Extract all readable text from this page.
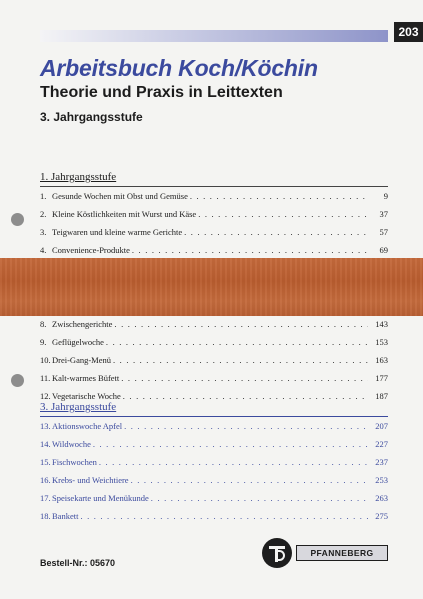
203
Arbeitsbuch Koch/Köchin
Theorie und Praxis in Leittexten
3. Jahrgangsstufe
1. Jahrgangsstufe
1. Gesunde Wochen mit Obst und Gemüse . . .	9
2. Kleine Köstlichkeiten mit Wurst und Käse . . .	37
3. Teigwaren und kleine warme Gerichte . . .	57
4. Convenience-Produkte . . .	69
. . .
8. Zwischengerichte . . .	143
9. Geflügelwoche . . .	153
10. Drei-Gang-Menü . . .	163
11. Kalt-warmes Büfett . . .	177
12. Vegetarische Woche . . .	187
3. Jahrgangsstufe
13. Aktionswoche Apfel . . .	207
14. Wildwoche . . .	227
15. Fischwochen . . .	237
16. Krebs- und Weichtiere . . .	253
17. Speisekarte und Menükunde . . .	263
18. Bankett . . .	275

Bestell-Nr.: 05670

PFANNEBERG
